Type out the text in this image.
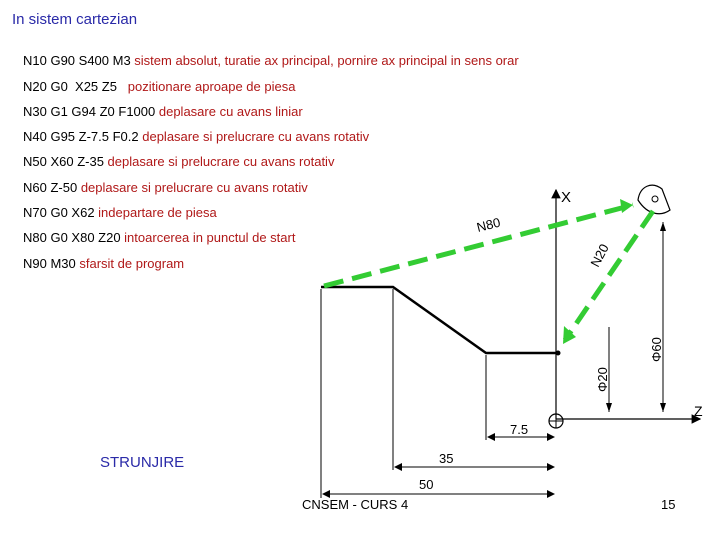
In sistem cartezian
N10 G90 S400 M3 sistem absolut, turatie ax principal, pornire ax principal in sens orar
N20 G0  X25 Z5   pozitionare aproape de piesa
N30 G1 G94 Z0 F1000 deplasare cu avans liniar
N40 G95 Z-7.5 F0.2 deplasare si prelucrare cu avans rotativ
N50 X60 Z-35 deplasare si prelucrare cu avans rotativ
N60 Z-50 deplasare si prelucrare cu avans rotativ
N70 G0 X62 indepartare de piesa
N80 G0 X80 Z20 intoarcerea in punctul de start
N90 M30 sfarsit de program
Z
X
N80
N20
Φ60
Φ20
7.5
35
50
STRUNJIRE
CNSEM - CURS 4	15
